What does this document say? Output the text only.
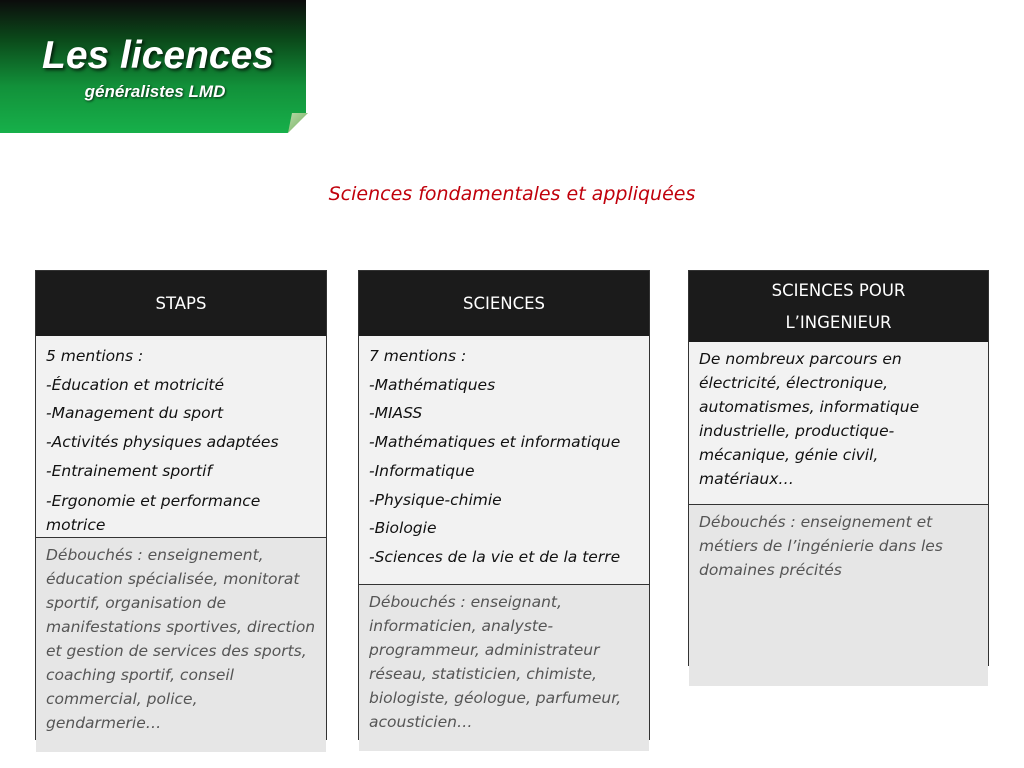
Les licences
généralistes LMD
Sciences fondamentales et appliquées
STAPS
5 mentions :
-Éducation et motricité
-Management du sport
-Activités physiques adaptées
-Entrainement sportif
-Ergonomie et performance motrice
Débouchés : enseignement, éducation spécialisée, monitorat sportif, organisation de manifestations sportives, direction et gestion de services des sports, coaching sportif, conseil commercial, police, gendarmerie…
SCIENCES
7 mentions :
-Mathématiques
-MIASS
-Mathématiques et informatique
-Informatique
-Physique-chimie
-Biologie
-Sciences de la vie et de la terre
Débouchés : enseignant, informaticien, analyste-programmeur, administrateur réseau, statisticien, chimiste, biologiste, géologue, parfumeur, acousticien…
SCIENCES POUR
L’INGENIEUR
De nombreux parcours en électricité, électronique, automatismes, informatique industrielle, productique-mécanique, génie civil, matériaux…
Débouchés : enseignement et métiers de l’ingénierie dans les domaines précités
